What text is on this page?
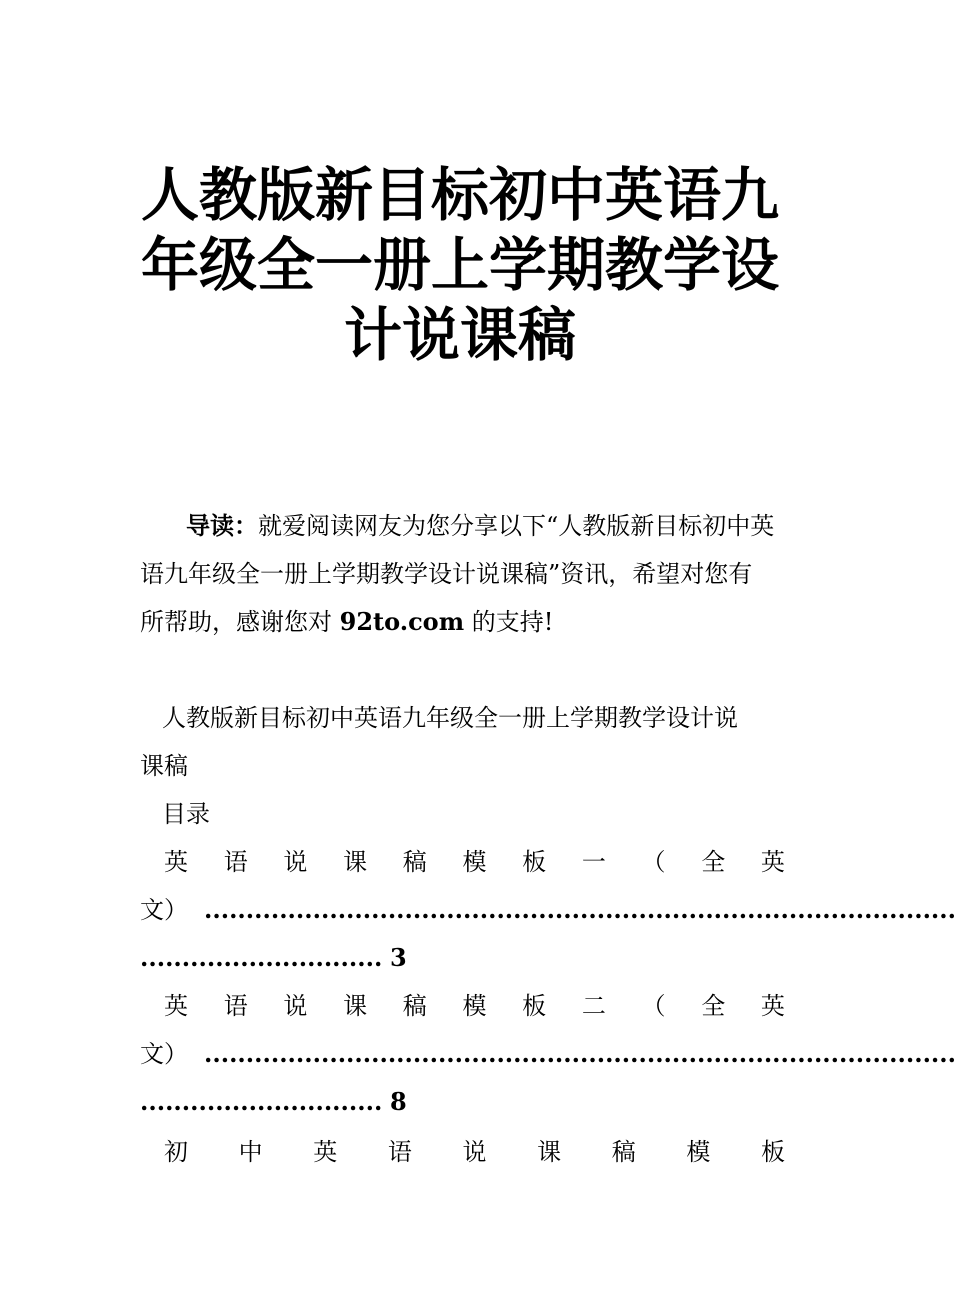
人教版新目标初中英语九
年级全一册上学期教学设
计说课稿
导读：就爱阅读网友为您分享以下“人教版新目标初中英
语九年级全一册上学期教学设计说课稿”资讯，希望对您有
所帮助，感谢您对 92to.com 的支持!
人教版新目标初中英语九年级全一册上学期教学设计说
课稿
目录
英 语 说 课 稿 模 板 一 （ 全 英
文） ..........................................................................................
............................. 3
英 语 说 课 稿 模 板 二 （ 全 英
文） ..........................................................................................
............................. 8
初 中 英 语 说 课 稿 模 板
